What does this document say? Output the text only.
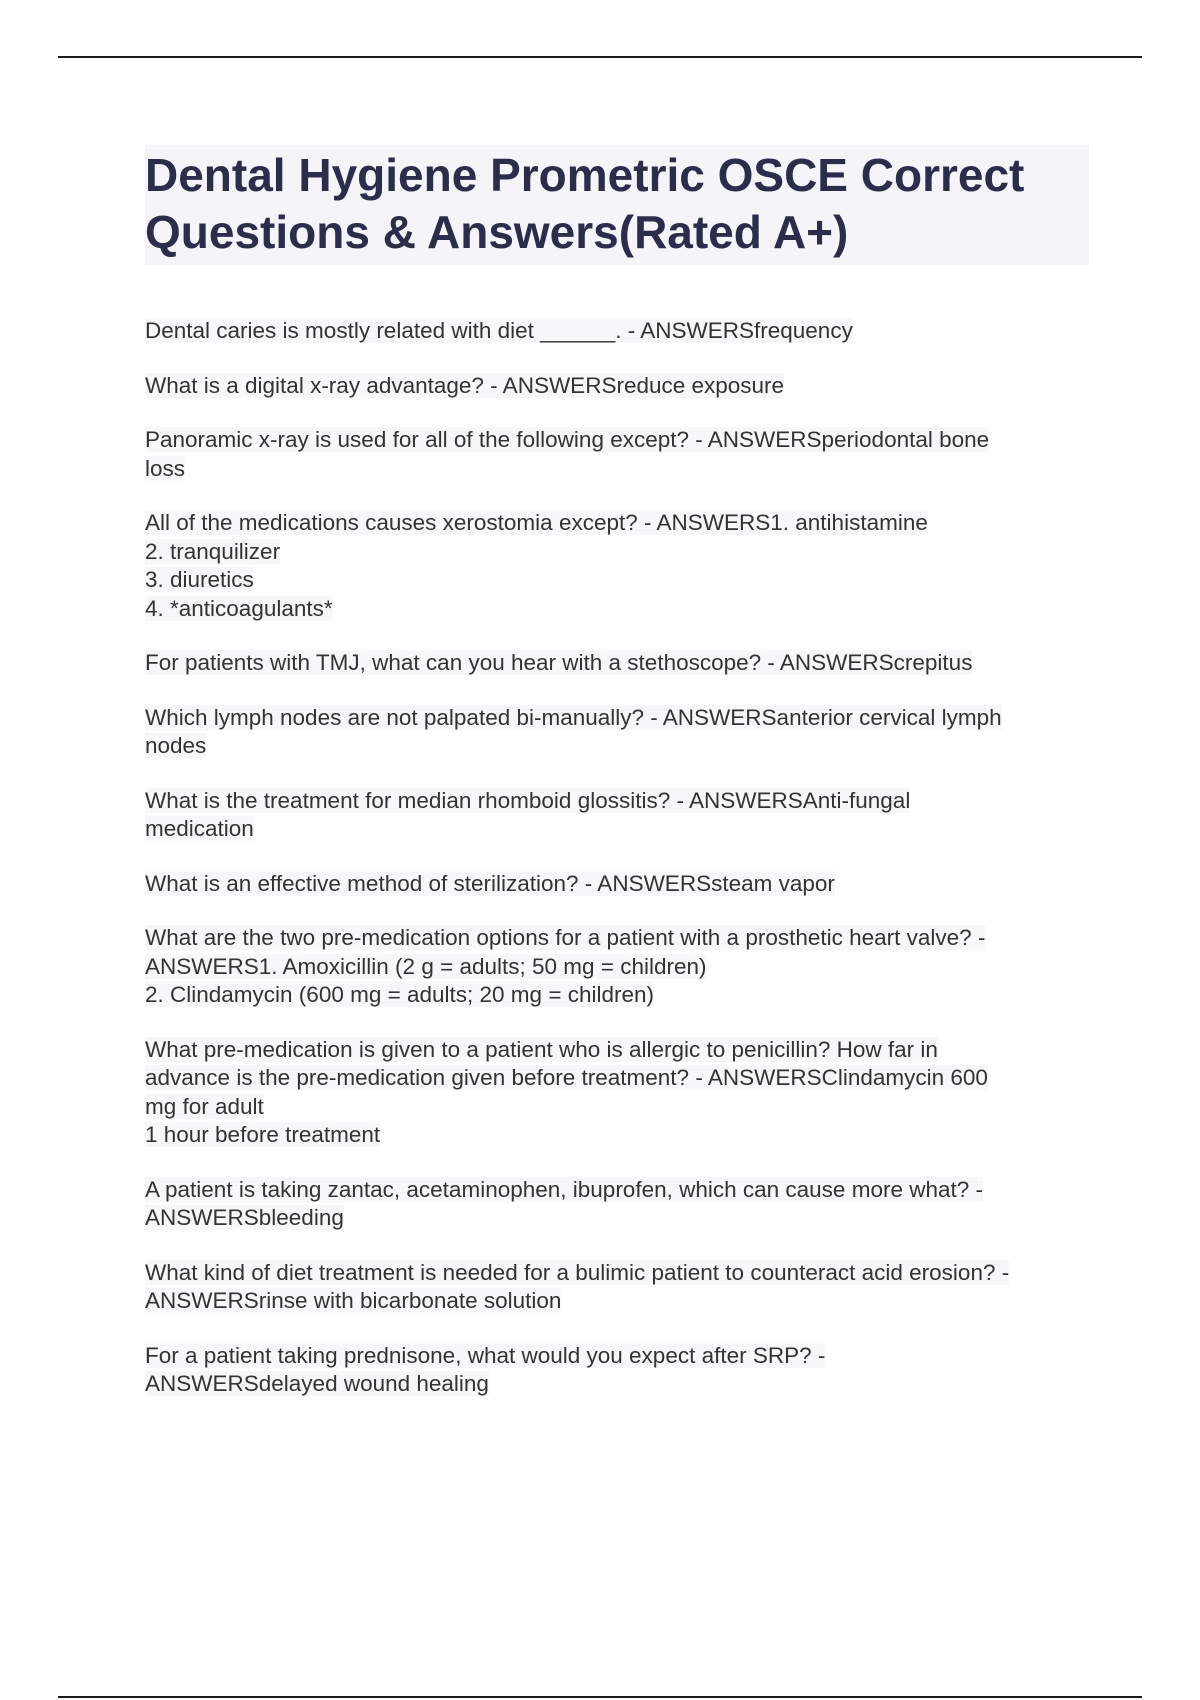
Dental Hygiene Prometric OSCE Correct
Questions & Answers(Rated A+)
Dental caries is mostly related with diet ______. - ANSWERSfrequency
What is a digital x-ray advantage? - ANSWERSreduce exposure
Panoramic x-ray is used for all of the following except? - ANSWERSperiodontal bone
loss
All of the medications causes xerostomia except? - ANSWERS1. antihistamine
2. tranquilizer
3. diuretics
4. *anticoagulants*
For patients with TMJ, what can you hear with a stethoscope? - ANSWERScrepitus
Which lymph nodes are not palpated bi-manually? - ANSWERSanterior cervical lymph
nodes
What is the treatment for median rhomboid glossitis? - ANSWERSAnti-fungal
medication
What is an effective method of sterilization? - ANSWERSsteam vapor
What are the two pre-medication options for a patient with a prosthetic heart valve? -
ANSWERS1. Amoxicillin (2 g = adults; 50 mg = children)
2. Clindamycin (600 mg = adults; 20 mg = children)
What pre-medication is given to a patient who is allergic to penicillin? How far in
advance is the pre-medication given before treatment? - ANSWERSClindamycin 600
mg for adult
1 hour before treatment
A patient is taking zantac, acetaminophen, ibuprofen, which can cause more what? -
ANSWERSbleeding
What kind of diet treatment is needed for a bulimic patient to counteract acid erosion? -
ANSWERSrinse with bicarbonate solution
For a patient taking prednisone, what would you expect after SRP? -
ANSWERSdelayed wound healing
